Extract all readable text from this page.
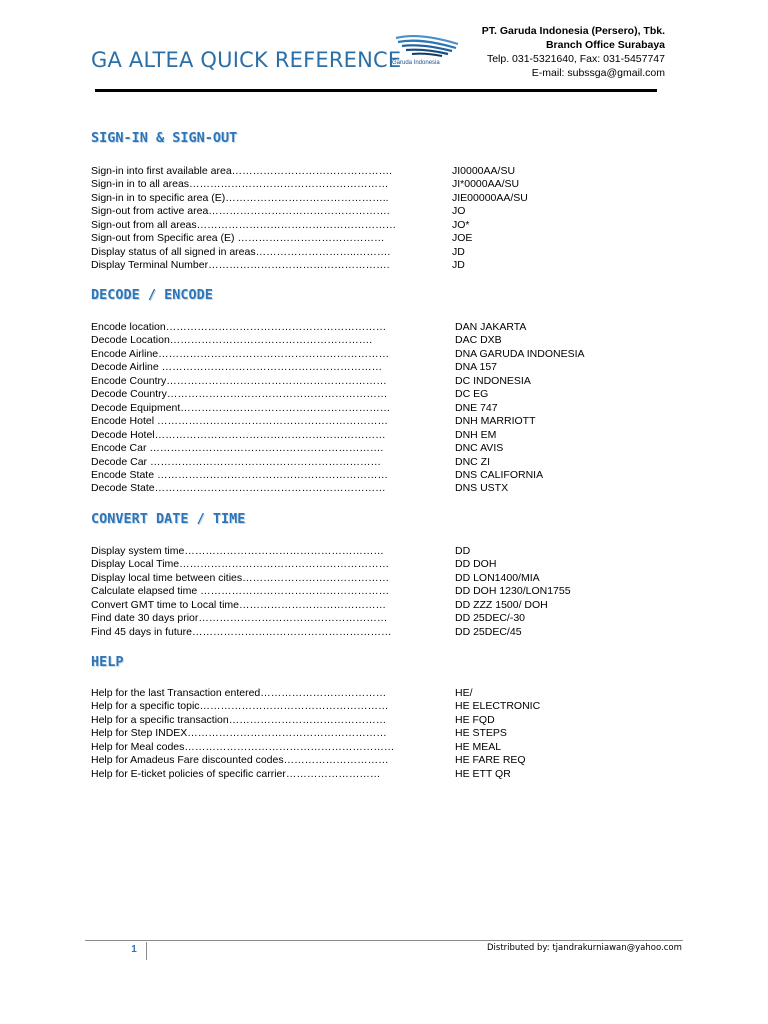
GA ALTEA QUICK REFERENCE
Garuda Indonesia
PT. Garuda Indonesia (Persero), Tbk.
Branch Office Surabaya
Telp. 031-5321640, Fax: 031-5457747
E-mail: subssga@gmail.com
SIGN-IN & SIGN-OUT
Sign-in into first available area……………………………………….	JI0000AA/SU
Sign-in in to all areas…………………………………………………	JI*0000AA/SU
Sign-in in to specific area (E)………………………………………..	JIE00000AA/SU
Sign-out from active area…………………………………………….	JO
Sign-out from all areas…………………………………………………	JO*
Sign-out from Specific area (E) ……………………………………	JOE
Display status of all signed in areas………………………..……….	JD
Display Terminal Number…………………………………………….	JD
DECODE / ENCODE
Encode location………………………………………………………	DAN JAKARTA
Decode Location………………………………………………….	DAC DXB
Encode Airline…………………………………………………………	DNA GARUDA INDONESIA
Decode Airline ………………………………………………………	DNA 157
Encode Country………………………………………………………	DC INDONESIA
Decode Country………………………………………………………	DC EG
Decode Equipment……………………………………………………	DNE 747
Encode Hotel …………………………………………………………	DNH MARRIOTT
Decode Hotel…………………………………………………………	DNH EM
Encode Car ………………………………………………………….	DNC AVIS
Decode Car …………………………………………………………	DNC ZI
Encode State …………………………………………………………	DNS CALIFORNIA
Decode State…………………………………………………………	DNS USTX
CONVERT DATE / TIME
Display system time…………………………………………………	DD
Display Local Time……………………………………………………	DD DOH
Display local time between cities……………………………………	DD LON1400/MIA
Calculate elapsed time ………………………………………………	DD DOH 1230/LON1755
Convert GMT time to Local time……………………………………	DD ZZZ 1500/ DOH
Find date 30 days prior………………………………………………	DD 25DEC/-30
Find 45 days in future…………………………………………………	DD 25DEC/45
HELP
Help for the last Transaction entered………………………………	HE/
Help for a specific topic………………………………………………	HE ELECTRONIC
Help for a specific transaction………………………………………	HE FQD
Help for Step INDEX…………………………………………………	HE STEPS
Help for Meal codes……………………………………………………	HE MEAL
Help for Amadeus Fare discounted codes…………………………	HE FARE REQ
Help for E-ticket policies of specific carrier………………………	HE ETT QR
1	Distributed by: tjandrakurniawan@yahoo.com
